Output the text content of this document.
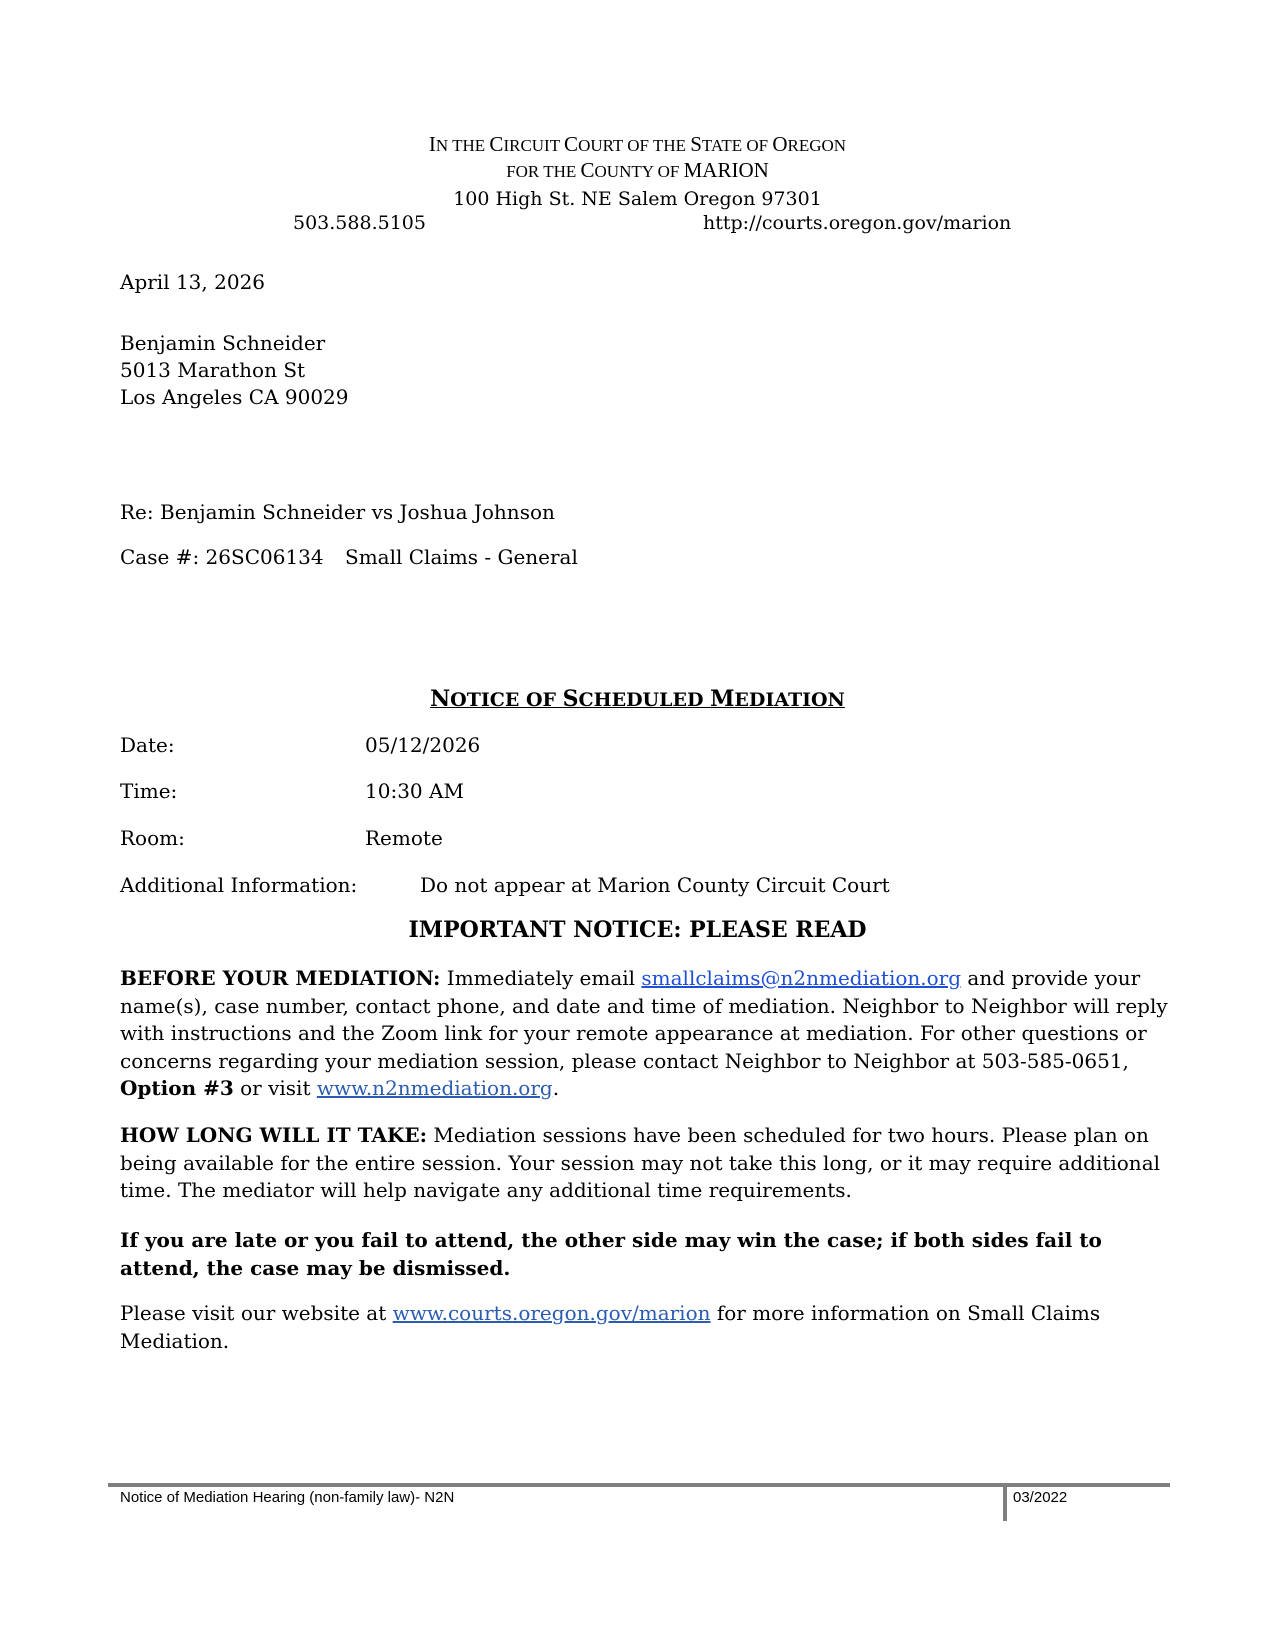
IN THE CIRCUIT COURT OF THE STATE OF OREGON
FOR THE COUNTY OF MARION
100 High St. NE Salem Oregon 97301
503.588.5105	http://courts.oregon.gov/marion
April 13, 2026
Benjamin Schneider
5013 Marathon St
Los Angeles CA 90029
Re: Benjamin Schneider vs Joshua Johnson
Case #: 26SC06134 Small Claims - General
NOTICE OF SCHEDULED MEDIATION
Date:	05/12/2026
Time:	10:30 AM
Room:	Remote
Additional Information:	Do not appear at Marion County Circuit Court
IMPORTANT NOTICE: PLEASE READ
BEFORE YOUR MEDIATION: Immediately email smallclaims@n2nmediation.org and provide your name(s), case number, contact phone, and date and time of mediation. Neighbor to Neighbor will reply with instructions and the Zoom link for your remote appearance at mediation. For other questions or concerns regarding your mediation session, please contact Neighbor to Neighbor at 503-585-0651, Option #3 or visit www.n2nmediation.org.
HOW LONG WILL IT TAKE: Mediation sessions have been scheduled for two hours. Please plan on being available for the entire session. Your session may not take this long, or it may require additional time. The mediator will help navigate any additional time requirements.
If you are late or you fail to attend, the other side may win the case; if both sides fail to attend, the case may be dismissed.
Please visit our website at www.courts.oregon.gov/marion for more information on Small Claims Mediation.
Notice of Mediation Hearing (non-family law)- N2N	03/2022
